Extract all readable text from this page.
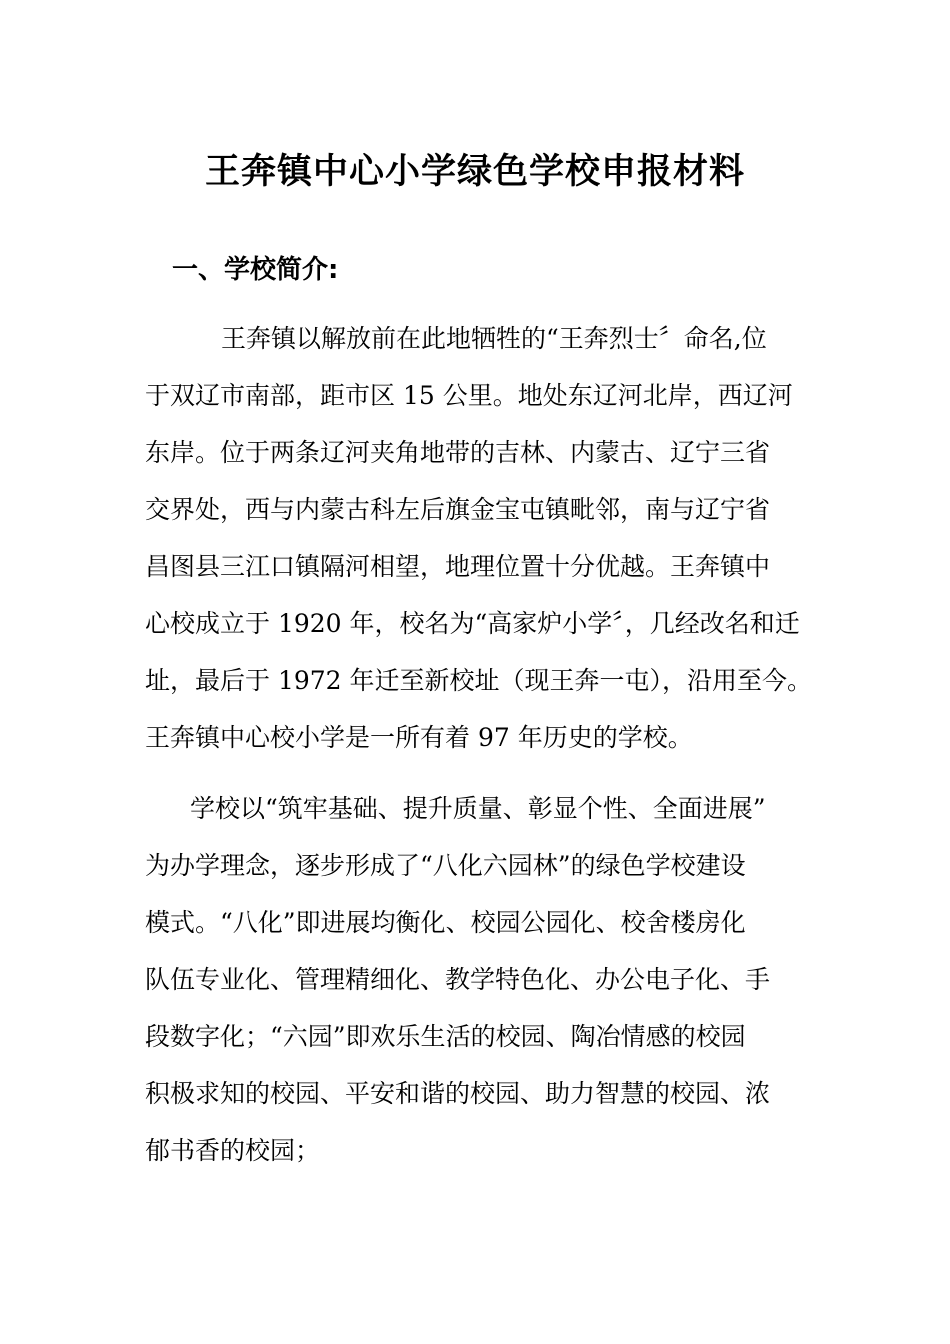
王奔镇中心小学绿色学校申报材料
一、学校简介:

王奔镇以解放前在此地牺牲的“王奔烈士〞命名,位
于双辽市南部，距市区 15 公里。地处东辽河北岸，西辽河
东岸。位于两条辽河夹角地带的吉林、内蒙古、辽宁三省
交界处，西与内蒙古科左后旗金宝屯镇毗邻，南与辽宁省
昌图县三江口镇隔河相望，地理位置十分优越。王奔镇中
心校成立于 1920 年，校名为“高家炉小学〞，几经改名和迁
址，最后于 1972 年迁至新校址（现王奔一屯），沿用至今。
王奔镇中心校小学是一所有着 97 年历史的学校。

学校以“筑牢基础、提升质量、彰显个性、全面进展”
为办学理念，逐步形成了“八化六园林”的绿色学校建设
模式。“八化”即进展均衡化、校园公园化、校舍楼房化
队伍专业化、管理精细化、教学特色化、办公电子化、手
段数字化；“六园”即欢乐生活的校园、陶冶情感的校园
积极求知的校园、平安和谐的校园、助力智慧的校园、浓
郁书香的校园；
